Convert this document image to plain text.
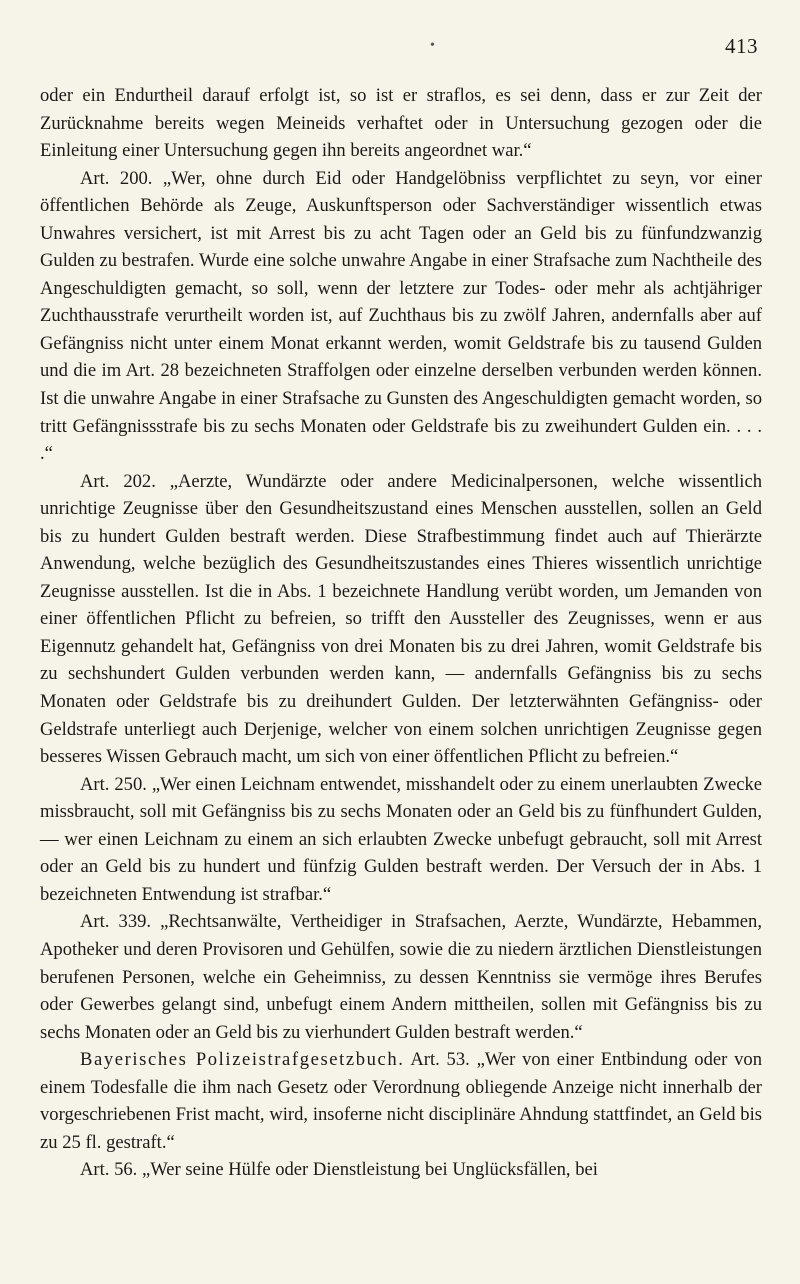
•	413

oder ein Endurtheil darauf erfolgt ist, so ist er straflos, es sei denn, dass er zur Zeit der Zurücknahme bereits wegen Meineids verhaftet oder in Untersuchung gezogen oder die Einleitung einer Untersuchung gegen ihn bereits angeordnet war.“

Art. 200. „Wer, ohne durch Eid oder Handgelöbniss verpflichtet zu seyn, vor einer öffentlichen Behörde als Zeuge, Auskunftsperson oder Sachverständiger wissentlich etwas Unwahres versichert, ist mit Arrest bis zu acht Tagen oder an Geld bis zu fünfundzwanzig Gulden zu bestrafen. Wurde eine solche unwahre Angabe in einer Strafsache zum Nachtheile des Angeschuldigten gemacht, so soll, wenn der letztere zur Todes- oder mehr als achtjähriger Zuchthausstrafe verurtheilt worden ist, auf Zuchthaus bis zu zwölf Jahren, andernfalls aber auf Gefängniss nicht unter einem Monat erkannt werden, womit Geldstrafe bis zu tausend Gulden und die im Art. 28 bezeichneten Straffolgen oder einzelne derselben verbunden werden können. Ist die unwahre Angabe in einer Strafsache zu Gunsten des Angeschuldigten gemacht worden, so tritt Gefängnissstrafe bis zu sechs Monaten oder Geldstrafe bis zu zweihundert Gulden ein. . . . .“

Art. 202. „Aerzte, Wundärzte oder andere Medicinalpersonen, welche wissentlich unrichtige Zeugnisse über den Gesundheitszustand eines Menschen ausstellen, sollen an Geld bis zu hundert Gulden bestraft werden. Diese Strafbestimmung findet auch auf Thierärzte Anwendung, welche bezüglich des Gesundheitszustandes eines Thieres wissentlich unrichtige Zeugnisse ausstellen. Ist die in Abs. 1 bezeichnete Handlung verübt worden, um Jemanden von einer öffentlichen Pflicht zu befreien, so trifft den Aussteller des Zeugnisses, wenn er aus Eigennutz gehandelt hat, Gefängniss von drei Monaten bis zu drei Jahren, womit Geldstrafe bis zu sechshundert Gulden verbunden werden kann, — andernfalls Gefängniss bis zu sechs Monaten oder Geldstrafe bis zu dreihundert Gulden. Der letzterwähnten Gefängniss- oder Geldstrafe unterliegt auch Derjenige, welcher von einem solchen unrichtigen Zeugnisse gegen besseres Wissen Gebrauch macht, um sich von einer öffentlichen Pflicht zu befreien.“

Art. 250. „Wer einen Leichnam entwendet, misshandelt oder zu einem unerlaubten Zwecke missbraucht, soll mit Gefängniss bis zu sechs Monaten oder an Geld bis zu fünfhundert Gulden, — wer einen Leichnam zu einem an sich erlaubten Zwecke unbefugt gebraucht, soll mit Arrest oder an Geld bis zu hundert und fünfzig Gulden bestraft werden. Der Versuch der in Abs. 1 bezeichneten Entwendung ist strafbar.“

Art. 339. „Rechtsanwälte, Vertheidiger in Strafsachen, Aerzte, Wundärzte, Hebammen, Apotheker und deren Provisoren und Gehülfen, sowie die zu niedern ärztlichen Dienstleistungen berufenen Personen, welche ein Geheimniss, zu dessen Kenntniss sie vermöge ihres Berufes oder Gewerbes gelangt sind, unbefugt einem Andern mittheilen, sollen mit Gefängniss bis zu sechs Monaten oder an Geld bis zu vierhundert Gulden bestraft werden.“

Bayerisches Polizeistrafgesetzbuch. Art. 53. „Wer von einer Entbindung oder von einem Todesfalle die ihm nach Gesetz oder Verordnung obliegende Anzeige nicht innerhalb der vorgeschriebenen Frist macht, wird, insoferne nicht disciplinäre Ahndung stattfindet, an Geld bis zu 25 fl. gestraft.“

Art. 56. „Wer seine Hülfe oder Dienstleistung bei Unglücksfällen, bei
